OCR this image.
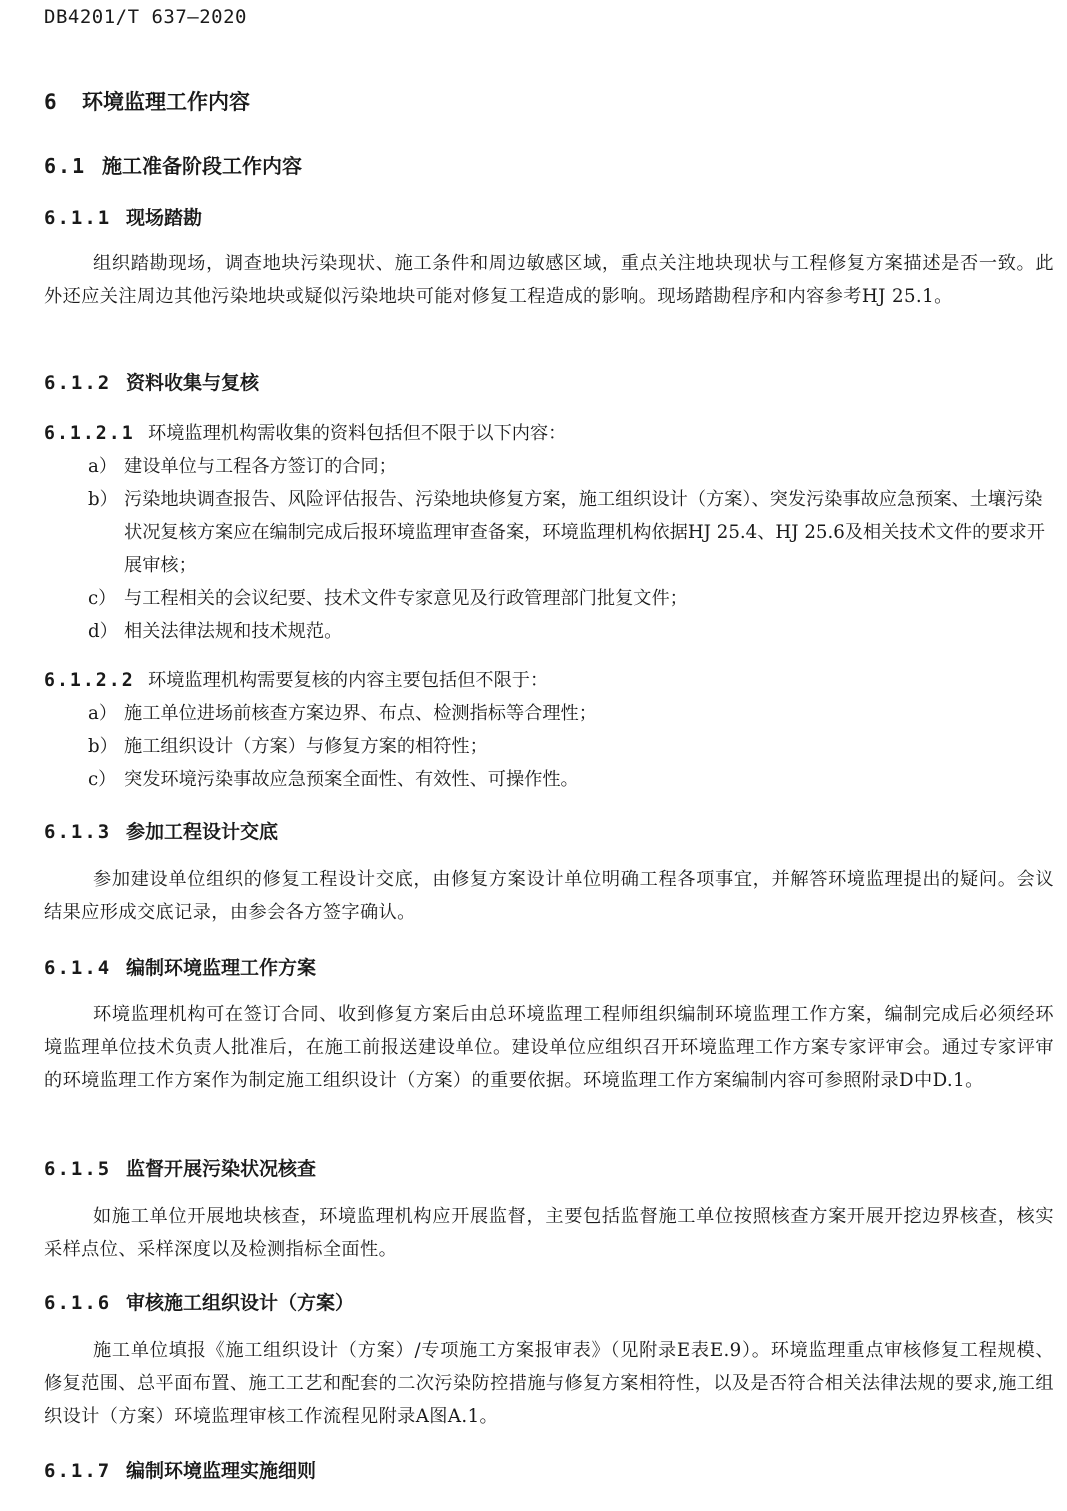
DB4201/T 637—2020
6 环境监理工作内容
6.1 施工准备阶段工作内容
6.1.1 现场踏勘
组织踏勘现场，调查地块污染现状、施工条件和周边敏感区域，重点关注地块现状与工程修复方案描述是否一致。此外还应关注周边其他污染地块或疑似污染地块可能对修复工程造成的影响。现场踏勘程序和内容参考HJ 25.1。
6.1.2 资料收集与复核
6.1.2.1 环境监理机构需收集的资料包括但不限于以下内容：
a） 建设单位与工程各方签订的合同；
b） 污染地块调查报告、风险评估报告、污染地块修复方案，施工组织设计（方案）、突发污染事故应急预案、土壤污染状况复核方案应在编制完成后报环境监理审查备案，环境监理机构依据HJ 25.4、HJ 25.6及相关技术文件的要求开展审核；
c） 与工程相关的会议纪要、技术文件专家意见及行政管理部门批复文件；
d） 相关法律法规和技术规范。
6.1.2.2 环境监理机构需要复核的内容主要包括但不限于：
a） 施工单位进场前核查方案边界、布点、检测指标等合理性；
b） 施工组织设计（方案）与修复方案的相符性；
c） 突发环境污染事故应急预案全面性、有效性、可操作性。
6.1.3 参加工程设计交底
参加建设单位组织的修复工程设计交底，由修复方案设计单位明确工程各项事宜，并解答环境监理提出的疑问。会议结果应形成交底记录，由参会各方签字确认。
6.1.4 编制环境监理工作方案
环境监理机构可在签订合同、收到修复方案后由总环境监理工程师组织编制环境监理工作方案，编制完成后必须经环境监理单位技术负责人批准后，在施工前报送建设单位。建设单位应组织召开环境监理工作方案专家评审会。通过专家评审的环境监理工作方案作为制定施工组织设计（方案）的重要依据。环境监理工作方案编制内容可参照附录D中D.1。
6.1.5 监督开展污染状况核查
如施工单位开展地块核查，环境监理机构应开展监督，主要包括监督施工单位按照核查方案开展开挖边界核查，核实采样点位、采样深度以及检测指标全面性。
6.1.6 审核施工组织设计（方案）
施工单位填报《施工组织设计（方案）/专项施工方案报审表》（见附录E表E.9）。环境监理重点审核修复工程规模、修复范围、总平面布置、施工工艺和配套的二次污染防控措施与修复方案相符性，以及是否符合相关法律法规的要求,施工组织设计（方案）环境监理审核工作流程见附录A图A.1。
6.1.7 编制环境监理实施细则
